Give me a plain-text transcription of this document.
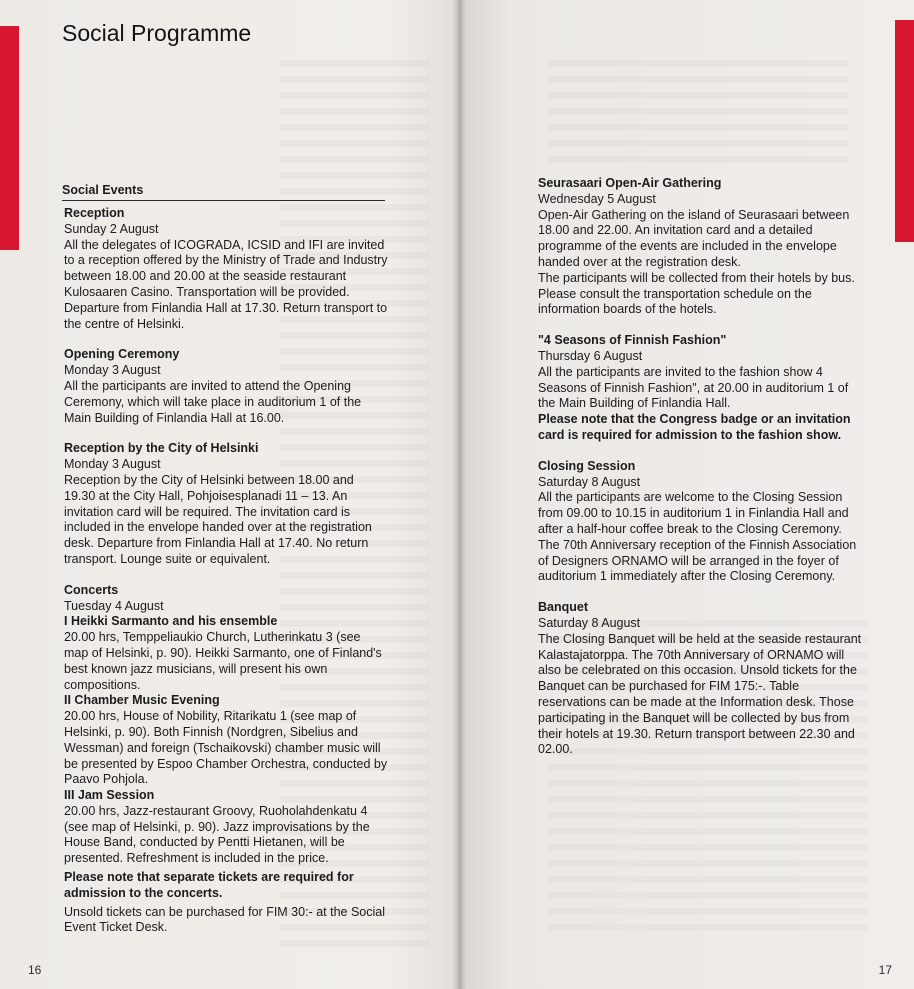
Social Programme
Social Events

Reception

Sunday 2 August

All the delegates of ICOGRADA, ICSID and IFI are invited to a reception offered by the Ministry of Trade and Industry between 18.00 and 20.00 at the seaside restaurant Kulosaaren Casino. Transportation will be provided.

Departure from Finlandia Hall at 17.30. Return transport to the centre of Helsinki.

Opening Ceremony

Monday 3 August

All the participants are invited to attend the Opening Ceremony, which will take place in auditorium 1 of the Main Building of Finlandia Hall at 16.00.

Reception by the City of Helsinki

Monday 3 August

Reception by the City of Helsinki between 18.00 and 19.30 at the City Hall, Pohjoisesplanadi 11 – 13. An invitation card will be required. The invitation card is included in the envelope handed over at the registration desk. Departure from Finlandia Hall at 17.40. No return transport. Lounge suite or equivalent.

Concerts

Tuesday 4 August

I Heikki Sarmanto and his ensemble

20.00 hrs, Temppeliaukio Church, Lutherinkatu 3 (see map of Helsinki, p. 90). Heikki Sarmanto, one of Finland's best known jazz musicians, will present his own compositions.

II Chamber Music Evening

20.00 hrs, House of Nobility, Ritarikatu 1 (see map of Helsinki, p. 90). Both Finnish (Nordgren, Sibelius and Wessman) and foreign (Tschaikovski) chamber music will be presented by Espoo Chamber Orchestra, conducted by Paavo Pohjola.

III Jam Session

20.00 hrs, Jazz-restaurant Groovy, Ruoholahdenkatu 4 (see map of Helsinki, p. 90). Jazz improvisations by the House Band, conducted by Pentti Hietanen, will be presented. Refreshment is included in the price.

Please note that separate tickets are required for admission to the concerts.

Unsold tickets can be purchased for FIM 30:- at the Social Event Ticket Desk.

16

Seurasaari Open-Air Gathering

Wednesday 5 August

Open-Air Gathering on the island of Seurasaari between 18.00 and 22.00. An invitation card and a detailed programme of the events are included in the envelope handed over at the registration desk.

The participants will be collected from their hotels by bus. Please consult the transportation schedule on the information boards of the hotels.

"4 Seasons of Finnish Fashion"

Thursday 6 August

All the participants are invited to the fashion show 4 Seasons of Finnish Fashion", at 20.00 in auditorium 1 of the Main Building of Finlandia Hall.

Please note that the Congress badge or an invitation card is required for admission to the fashion show.

Closing Session

Saturday 8 August

All the participants are welcome to the Closing Session from 09.00 to 10.15 in auditorium 1 in Finlandia Hall and after a half-hour coffee break to the Closing Ceremony.

The 70th Anniversary reception of the Finnish Association of Designers ORNAMO will be arranged in the foyer of auditorium 1 immediately after the Closing Ceremony.

Banquet

Saturday 8 August

The Closing Banquet will be held at the seaside restaurant Kalastajatorppa. The 70th Anniversary of ORNAMO will also be celebrated on this occasion. Unsold tickets for the Banquet can be purchased for FIM 175:-. Table reservations can be made at the Information desk. Those participating in the Banquet will be collected by bus from their hotels at 19.30. Return transport between 22.30 and 02.00.

17
